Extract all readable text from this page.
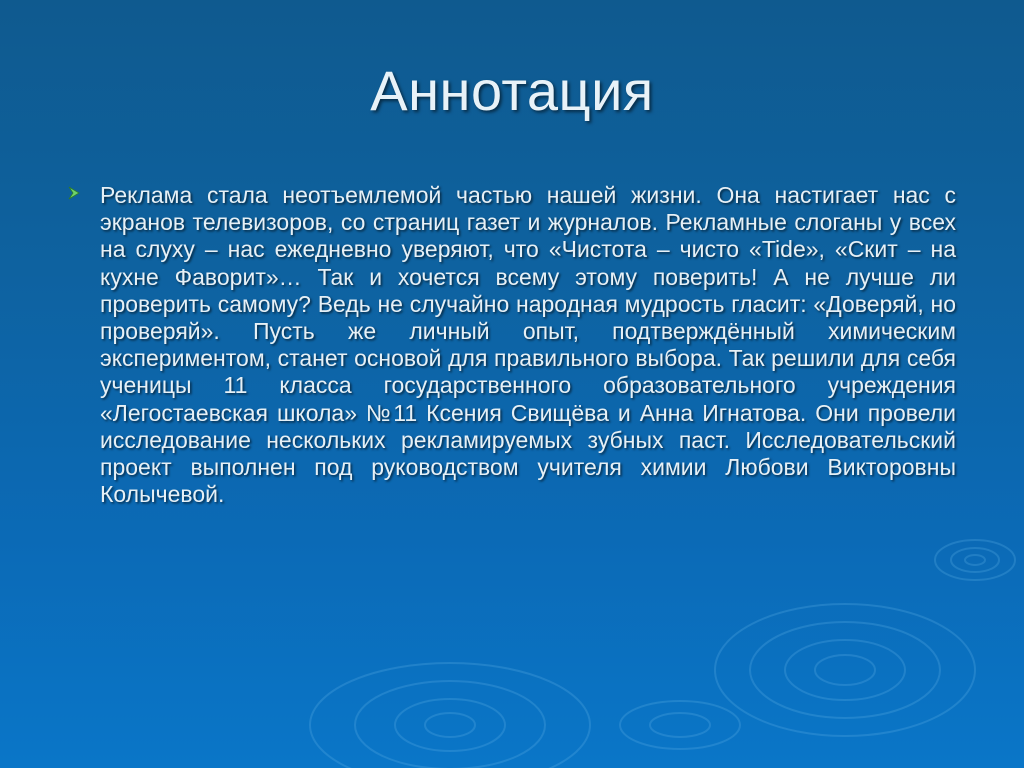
Аннотация
Реклама стала неотъемлемой частью нашей жизни. Она настигает нас с экранов телевизоров, со страниц газет и журналов. Рекламные слоганы у всех на слуху – нас ежедневно уверяют, что «Чистота – чисто «Tide», «Скит – на кухне Фаворит»… Так и хочется всему этому поверить! А не лучше ли проверить самому? Ведь не случайно народная мудрость гласит: «Доверяй, но проверяй». Пусть же личный опыт, подтверждённый химическим экспериментом, станет основой для правильного выбора. Так решили для себя ученицы 11 класса государственного образовательного учреждения «Легостаевская школа» №11 Ксения Свищёва и Анна Игнатова. Они провели исследование нескольких рекламируемых зубных паст. Исследовательский проект выполнен под руководством учителя химии Любови Викторовны Колычевой.
